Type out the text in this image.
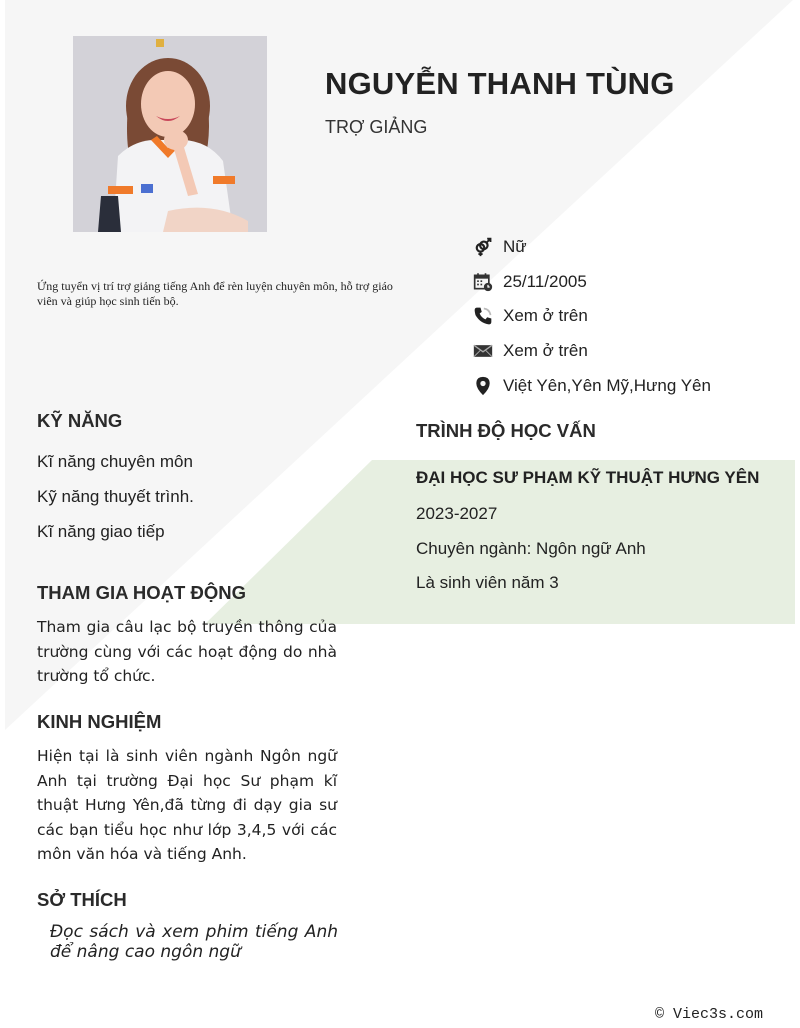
NGUYỄN THANH TÙNG
TRỢ GIẢNG
Ứng tuyển vị trí trợ giảng tiếng Anh để rèn luyện chuyên môn, hỗ trợ giáo viên và giúp học sinh tiến bộ.
Nữ
25/11/2005
Xem ở trên
Xem ở trên
Việt Yên,Yên Mỹ,Hưng Yên
KỸ NĂNG
Kĩ năng chuyên môn
Kỹ năng thuyết trình.
Kĩ năng giao tiếp
TRÌNH ĐỘ HỌC VẤN
ĐẠI HỌC SƯ PHẠM KỸ THUẬT HƯNG YÊN
2023-2027
Chuyên ngành: Ngôn ngữ Anh
Là sinh viên năm 3
THAM GIA HOẠT ĐỘNG
Tham gia câu lạc bộ truyền thông của trường cùng với các hoạt động do nhà trường tổ chức.
KINH NGHIỆM
Hiện tại là sinh viên ngành Ngôn ngữ Anh tại trường Đại học Sư phạm kĩ thuật Hưng Yên,đã từng đi dạy gia sư các bạn tiểu học như lớp 3,4,5 với các môn văn hóa và tiếng Anh.
SỞ THÍCH
Đọc sách và xem phim tiếng Anh để nâng cao ngôn ngữ
© Viec3s.com
